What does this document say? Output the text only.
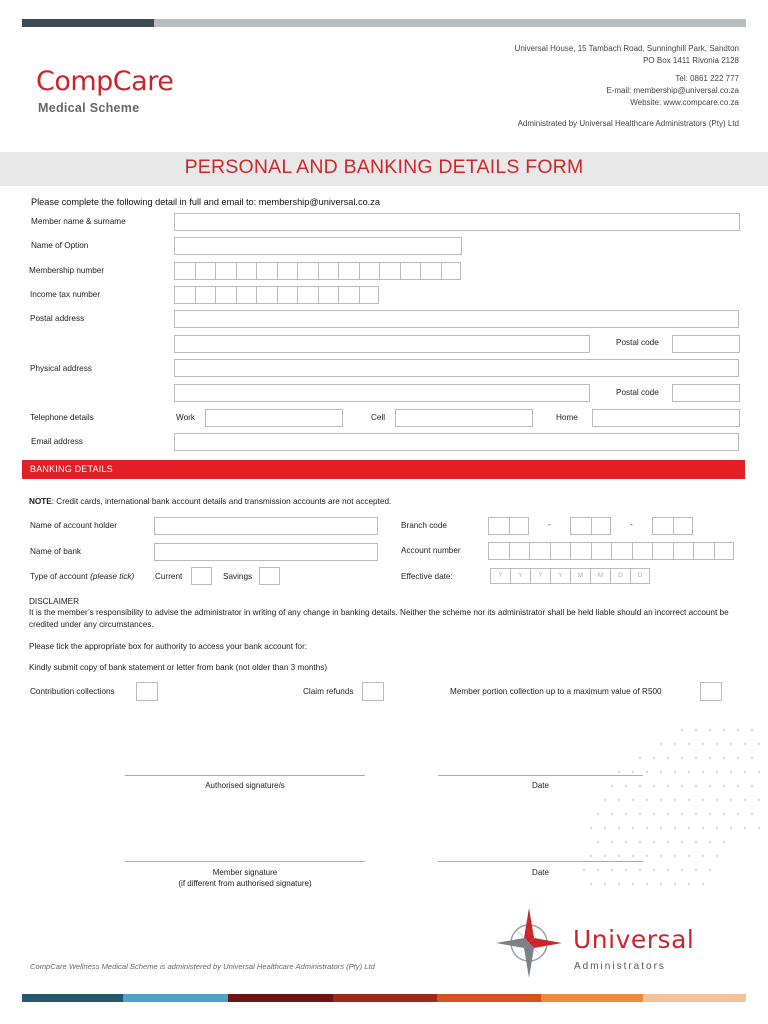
CompCare
Medical Scheme
Universal House, 15 Tambach Road, Sunninghill Park, Sandton
PO Box 1411 Rivonia 2128
Tel: 0861 222 777
E-mail: membership@universal.co.za
Website: www.compcare.co.za
Administrated by Universal Healthcare Administrators (Pty) Ltd
PERSONAL AND BANKING DETAILS FORM
Please complete the following detail in full and email to: membership@universal.co.za
Member name & surname
Name of Option
Membership number
Income tax number
Postal address
Postal code
Physical address
Postal code
Telephone details	Work	Cell	Home
Email address
BANKING DETAILS
NOTE: Credit cards, international bank account details and transmission accounts are not accepted.
Name of account holder
Name of bank
Type of account (please tick)	Current	Savings
Branch code	-	-
Account number
Effective date:	Y	Y	Y	Y	M	M	D	D
DISCLAIMER
It is the member’s responsibility to advise the administrator in writing of any change in banking details. Neither the scheme nor its administrator shall be held liable should an incorrect account be credited under any circumstances.
Please tick the appropriate box for authority to access your bank account for:
Kindly submit copy of bank statement or letter from bank (not older than 3 months)
Contribution collections	Claim refunds	Member portion collection up to a maximum value of R500
Authorised signature/s	Date
Member signature
(if different from authorised signature)
Date
Universal
Administrators
CompCare Wellness Medical Scheme is administered by Universal Healthcare Administrators (Pty) Ltd
